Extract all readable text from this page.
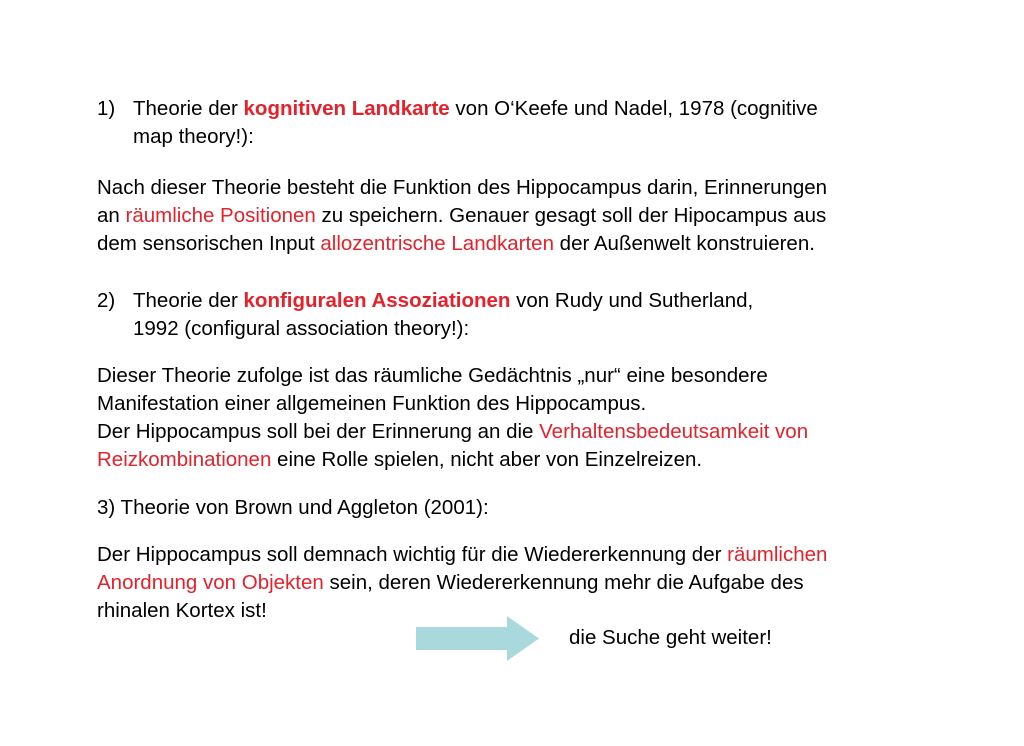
1) Theorie der kognitiven Landkarte von O‘Keefe und Nadel, 1978 (cognitive
map theory!):
Nach dieser Theorie besteht die Funktion des Hippocampus darin, Erinnerungen
an räumliche Positionen zu speichern. Genauer gesagt soll der Hipocampus aus
dem sensorischen Input allozentrische Landkarten der Außenwelt konstruieren.
2) Theorie der konfiguralen Assoziationen von Rudy und Sutherland,
1992 (configural association theory!):
Dieser Theorie zufolge ist das räumliche Gedächtnis „nur“ eine besondere
Manifestation einer allgemeinen Funktion des Hippocampus.
Der Hippocampus soll bei der Erinnerung an die Verhaltensbedeutsamkeit von
Reizkombinationen eine Rolle spielen, nicht aber von Einzelreizen.
3) Theorie von Brown und Aggleton (2001):
Der Hippocampus soll demnach wichtig für die Wiedererkennung der räumlichen
Anordnung von Objekten sein, deren Wiedererkennung mehr die Aufgabe des
rhinalen Kortex ist!
die Suche geht weiter!
